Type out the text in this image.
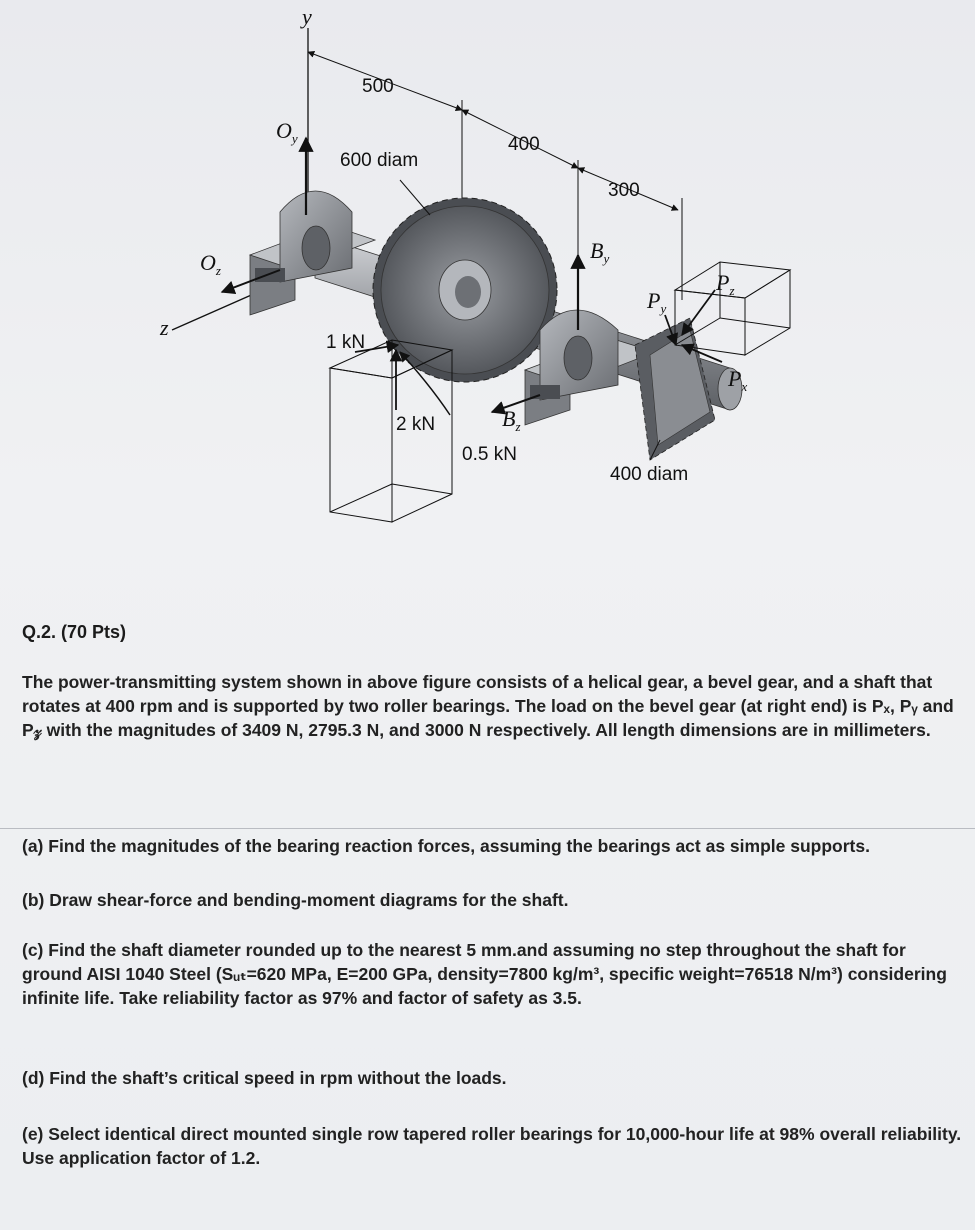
y
z
500
400
300
$O_y$
$O_z$
600 diam
$B_y$
$B_z$
400 diam
$P_z$
$P_y$
$P_x$
1 kN
2 kN
0.5 kN
Q.2. (70 Pts)
The power-transmitting system shown in above figure consists of a helical gear, a bevel gear, and a shaft that rotates at 400 rpm and is supported by two roller bearings. The load on the bevel gear (at right end) is Pₓ, Pᵧ and P𝓏 with the magnitudes of 3409 N, 2795.3 N, and 3000 N respectively. All length dimensions are in millimeters.
(a) Find the magnitudes of the bearing reaction forces, assuming the bearings act as simple supports.
(b) Draw shear-force and bending-moment diagrams for the shaft.
(c) Find the shaft diameter rounded up to the nearest 5 mm.and assuming no step throughout the shaft for ground AISI 1040 Steel (Sᵤₜ=620 MPa, E=200 GPa, density=7800 kg/m³, specific weight=76518 N/m³) considering infinite life. Take reliability factor as 97% and factor of safety as 3.5.
(d) Find the shaft’s critical speed in rpm without the loads.
(e) Select identical direct mounted single row tapered roller bearings for 10,000-hour life at 98% overall reliability.
Use application factor of 1.2.
